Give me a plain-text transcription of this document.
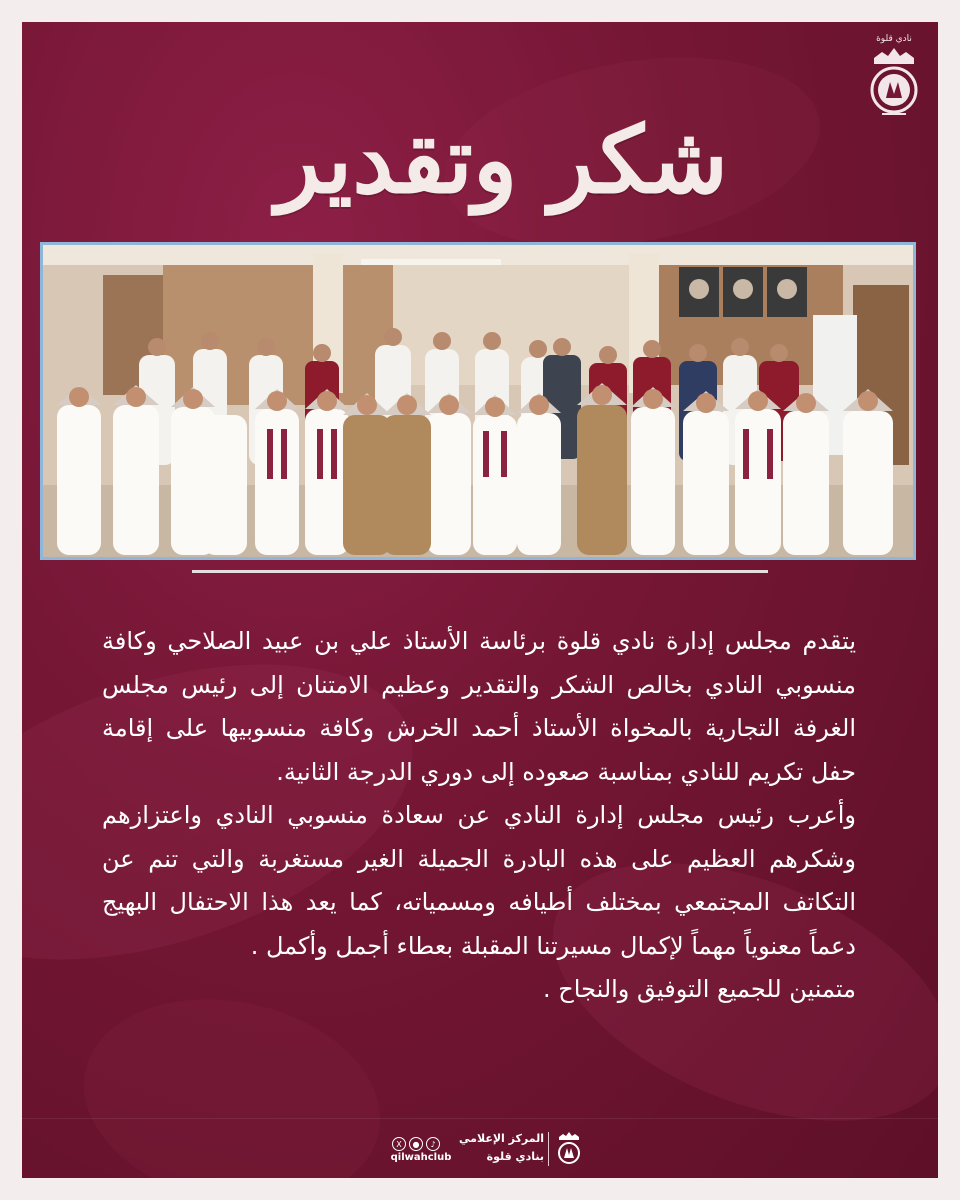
نادي قلوة
شكر وتقدير

يتقدم مجلس إدارة نادي قلوة برئاسة الأستاذ علي بن عبيد الصلاحي وكافة منسوبي النادي بخالص الشكر والتقدير وعظيم الامتنان إلى رئيس مجلس الغرفة التجارية بالمخواة الأستاذ أحمد الخرش وكافة منسوبيها على إقامة حفل تكريم للنادي بمناسبة صعوده إلى دوري الدرجة الثانية.

وأعرب رئيس مجلس إدارة النادي عن سعادة منسوبي النادي واعتزازهم وشكرهم العظيم على هذه البادرة الجميلة الغير مستغربة والتي تنم عن التكاتف المجتمعي بمختلف أطيافه ومسمياته، كما يعد هذا الاحتفال البهيج دعماً معنوياً مهماً لإكمال مسيرتنا المقبلة بعطاء أجمل وأكمل .

متمنين للجميع التوفيق والنجاح .

المركز الإعلامي
بنادي قلوة
X ● ♪
qilwahclub
